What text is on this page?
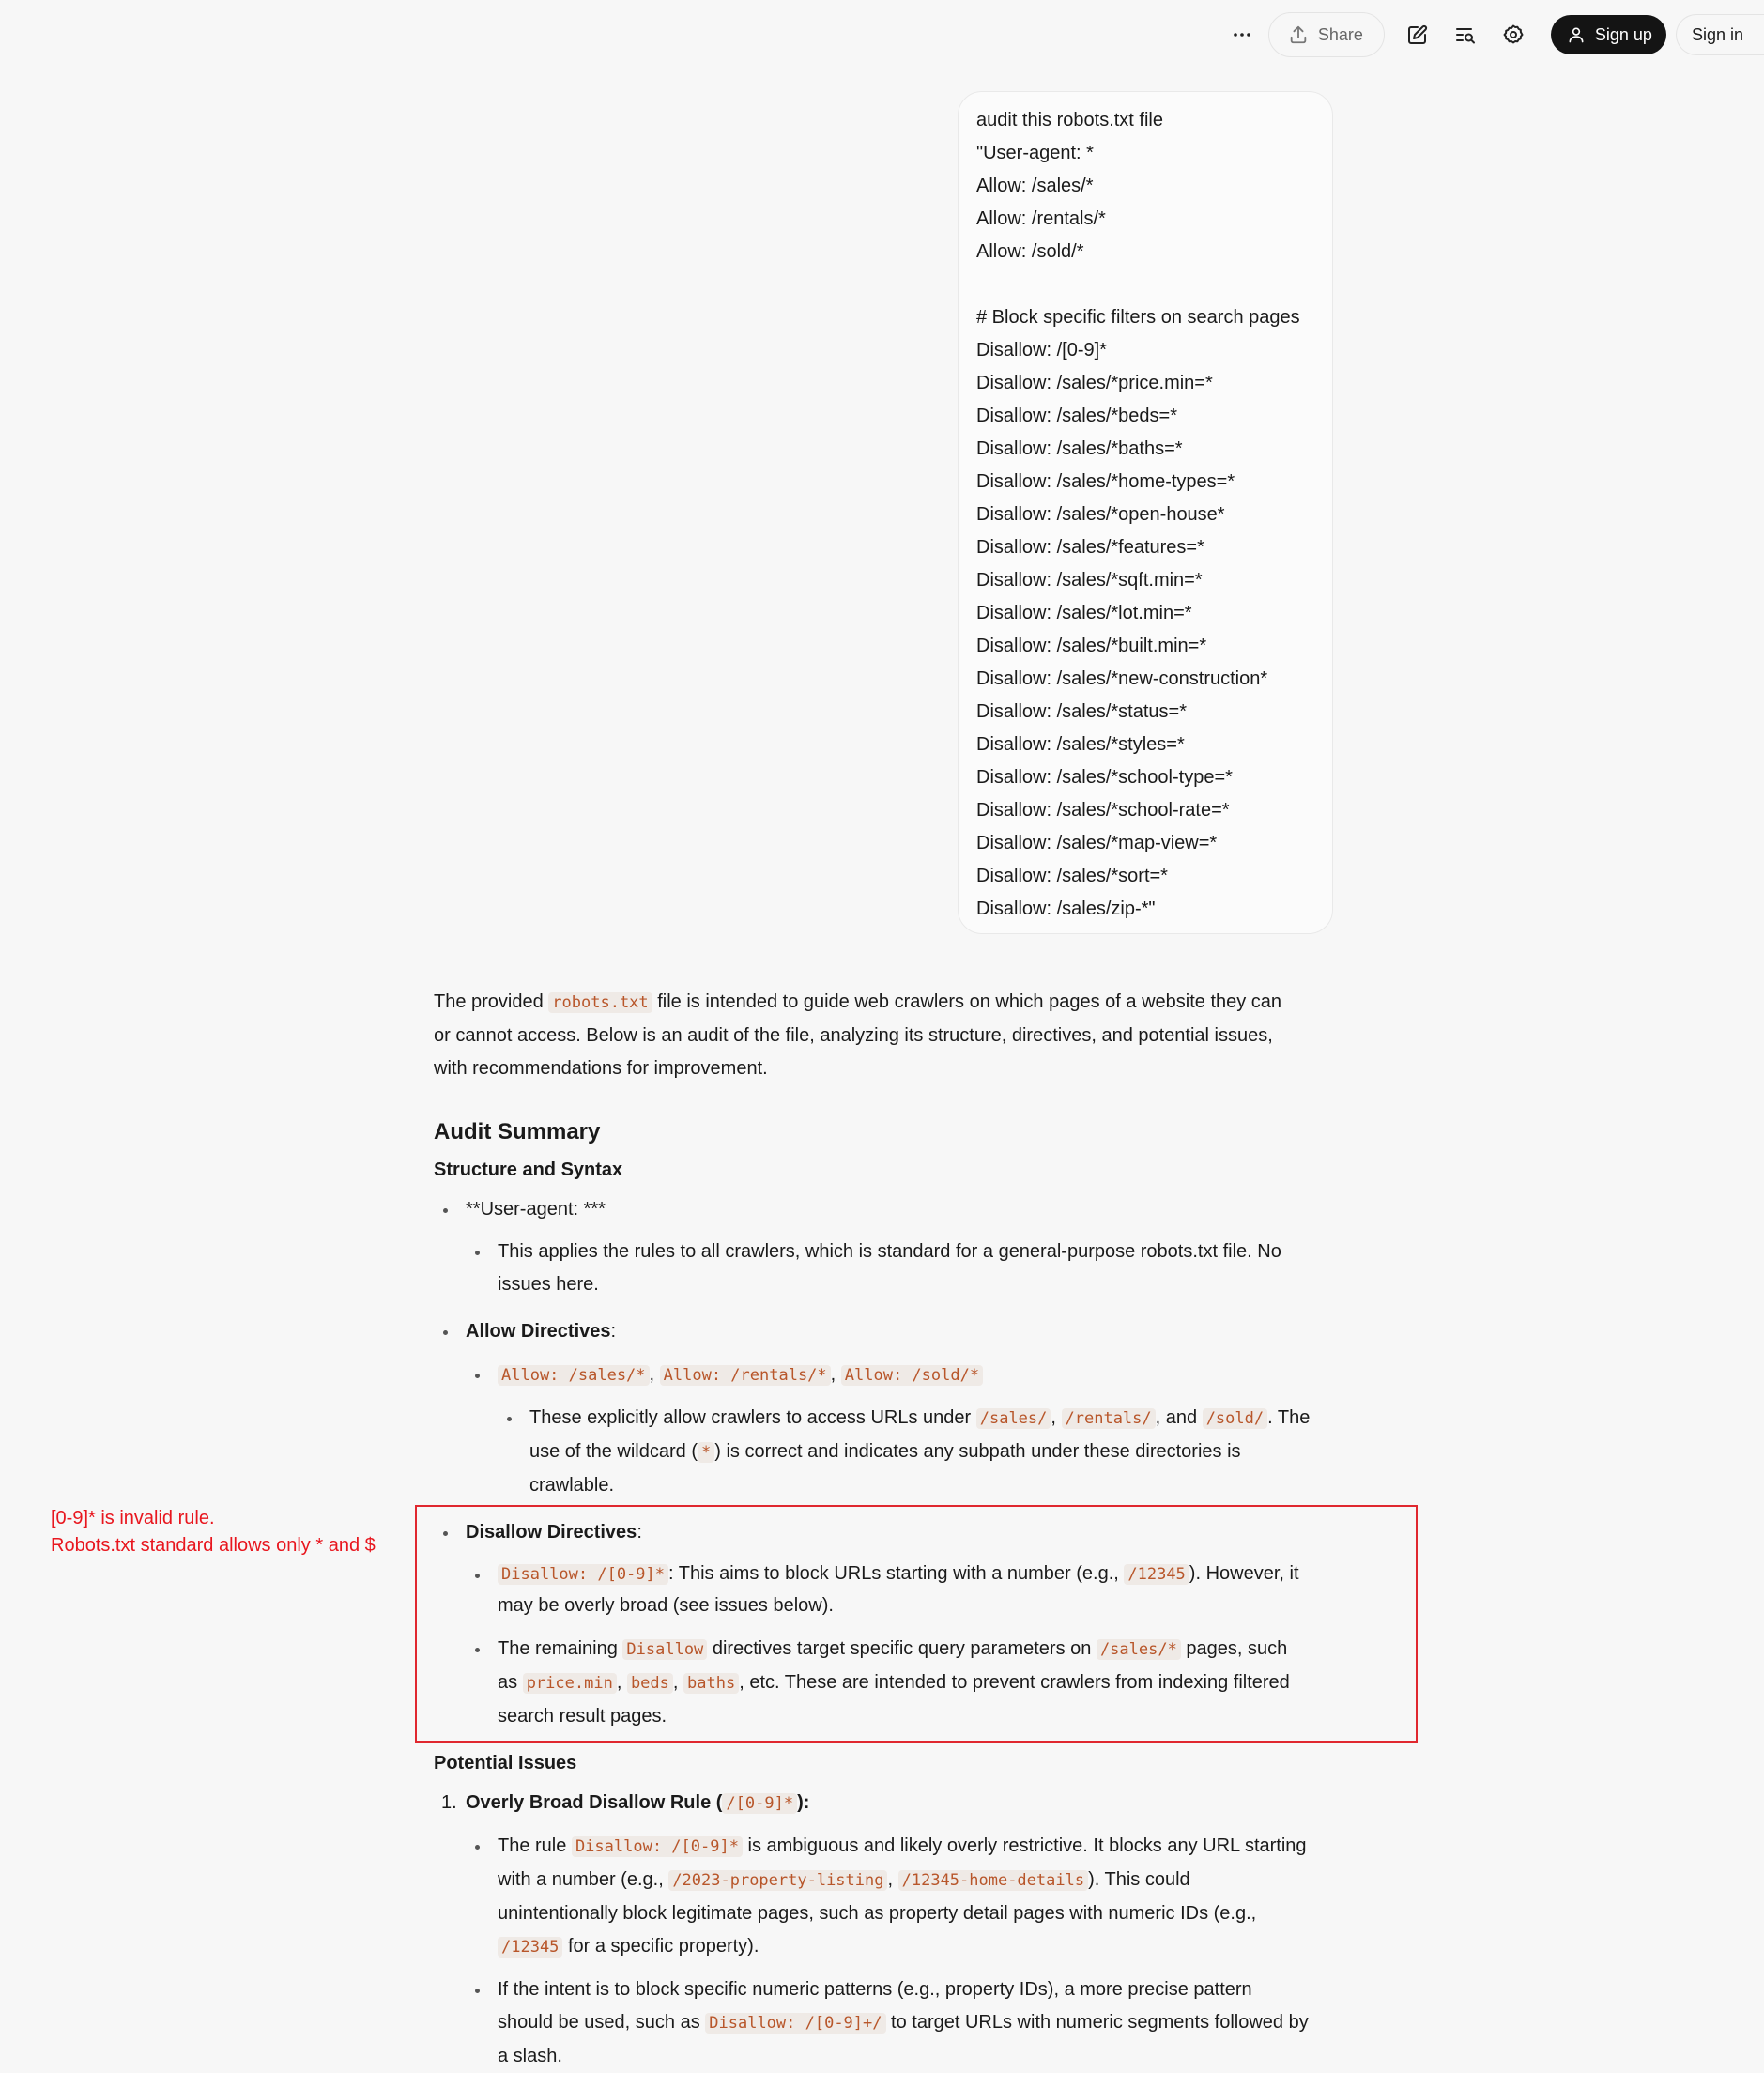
Share	Sign up Sign in
audit this robots.txt file
"User-agent: *
Allow: /sales/*
Allow: /rentals/*
Allow: /sold/*
# Block specific filters on search pages
Disallow: /[0-9]*
Disallow: /sales/*price.min=*
Disallow: /sales/*beds=*
Disallow: /sales/*baths=*
Disallow: /sales/*home-types=*
Disallow: /sales/*open-house*
Disallow: /sales/*features=*
Disallow: /sales/*sqft.min=*
Disallow: /sales/*lot.min=*
Disallow: /sales/*built.min=*
Disallow: /sales/*new-construction*
Disallow: /sales/*status=*
Disallow: /sales/*styles=*
Disallow: /sales/*school-type=*
Disallow: /sales/*school-rate=*
Disallow: /sales/*map-view=*
Disallow: /sales/*sort=*
Disallow: /sales/zip-*"

The provided robots.txt file is intended to guide web crawlers on which pages of a website they can
or cannot access. Below is an audit of the file, analyzing its structure, directives, and potential issues,
with recommendations for improvement.

Audit Summary
Structure and Syntax
**User-agent: ***
This applies the rules to all crawlers, which is standard for a general-purpose robots.txt file. No
issues here.
Allow Directives:
Allow: /sales/* , Allow: /rentals/* , Allow: /sold/*
These explicitly allow crawlers to access URLs under /sales/ , /rentals/ , and /sold/ . The
use of the wildcard ( * ) is correct and indicates any subpath under these directories is
crawlable.
Disallow Directives:
Disallow: /[0-9]* : This aims to block URLs starting with a number (e.g., /12345 ). However, it
may be overly broad (see issues below).
The remaining Disallow directives target specific query parameters on /sales/* pages, such
as price.min , beds , baths , etc. These are intended to prevent crawlers from indexing filtered
search result pages.
Potential Issues
1. Overly Broad Disallow Rule ( /[0-9]* ):
The rule Disallow: /[0-9]* is ambiguous and likely overly restrictive. It blocks any URL starting
with a number (e.g., /2023-property-listing , /12345-home-details ). This could
unintentionally block legitimate pages, such as property detail pages with numeric IDs (e.g.,
/12345 for a specific property).
If the intent is to block specific numeric patterns (e.g., property IDs), a more precise pattern
should be used, such as Disallow: /[0-9]+/ to target URLs with numeric segments followed by
a slash.
[0-9]* is invalid rule.
Robots.txt standard allows only * and $
